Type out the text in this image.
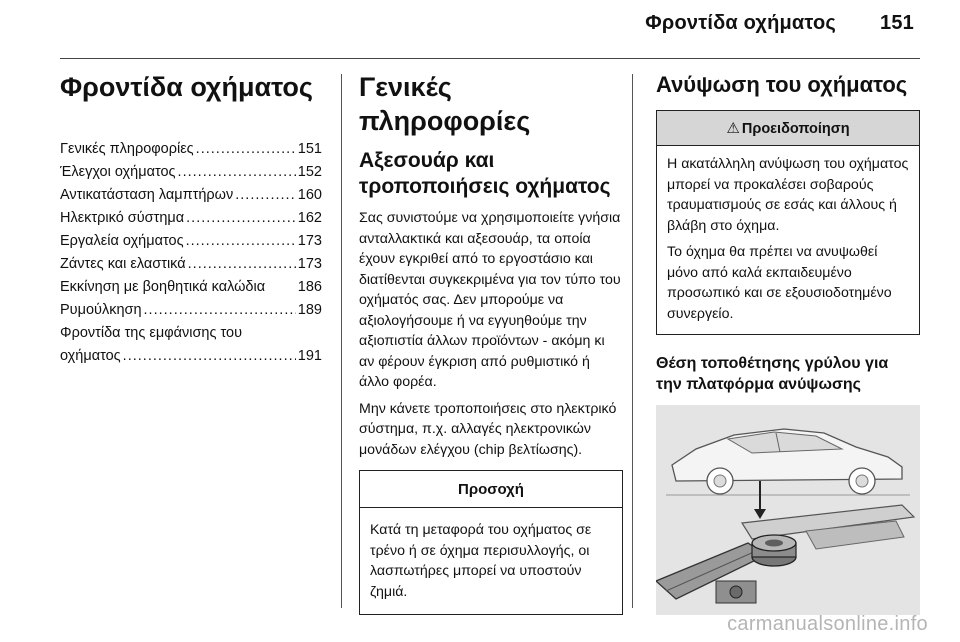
Φροντίδα οχήματος 151
Φροντίδα οχήματος
Γενικές πληροφορίες .....	151
Έλεγχοι οχήματος .....	152
Αντικατάσταση λαμπτήρων .....	160
Ηλεκτρικό σύστημα .....	162
Εργαλεία οχήματος .....	173
Ζάντες και ελαστικά .....	173
Εκκίνηση με βοηθητικά καλώδια 186
Ρυμούλκηση .....	189
Φροντίδα της εμφάνισης του
οχήματος .....	191
Γενικές πληροφορίες
Αξεσουάρ και
τροποποιήσεις οχήματος

Σας συνιστούμε να χρησιμοποιείτε γνήσια ανταλλακτικά και αξεσουάρ, τα οποία έχουν εγκριθεί από το εργοστάσιο και διατίθενται συγκεκριμένα για τον τύπο του οχήματός σας. Δεν μπορούμε να αξιολογήσουμε ή να εγγυηθούμε την αξιοπιστία άλλων προϊόντων - ακόμη κι αν φέρουν έγκριση από ρυθμιστικό ή άλλο φορέα.

Μην κάνετε τροποποιήσεις στο ηλεκτρικό σύστημα, π.χ. αλλαγές ηλεκτρονικών μονάδων ελέγχου (chip βελτίωσης).

Προσοχή

Κατά τη μεταφορά του οχήματος σε τρένο ή σε όχημα περισυλλογής, οι λασπωτήρες μπορεί να υποστούν ζημιά.

Ανύψωση του οχήματος
⚠ Προειδοποίηση

Η ακατάλληλη ανύψωση του οχήματος μπορεί να προκαλέσει σοβαρούς τραυματισμούς σε εσάς και άλλους ή βλάβη στο όχημα.

Το όχημα θα πρέπει να ανυψωθεί μόνο από καλά εκπαιδευμένο προσωπικό και σε εξουσιοδοτημένο συνεργείο.

Θέση τοποθέτησης γρύλου για
την πλατφόρμα ανύψωσης
carmanualsonline.info
